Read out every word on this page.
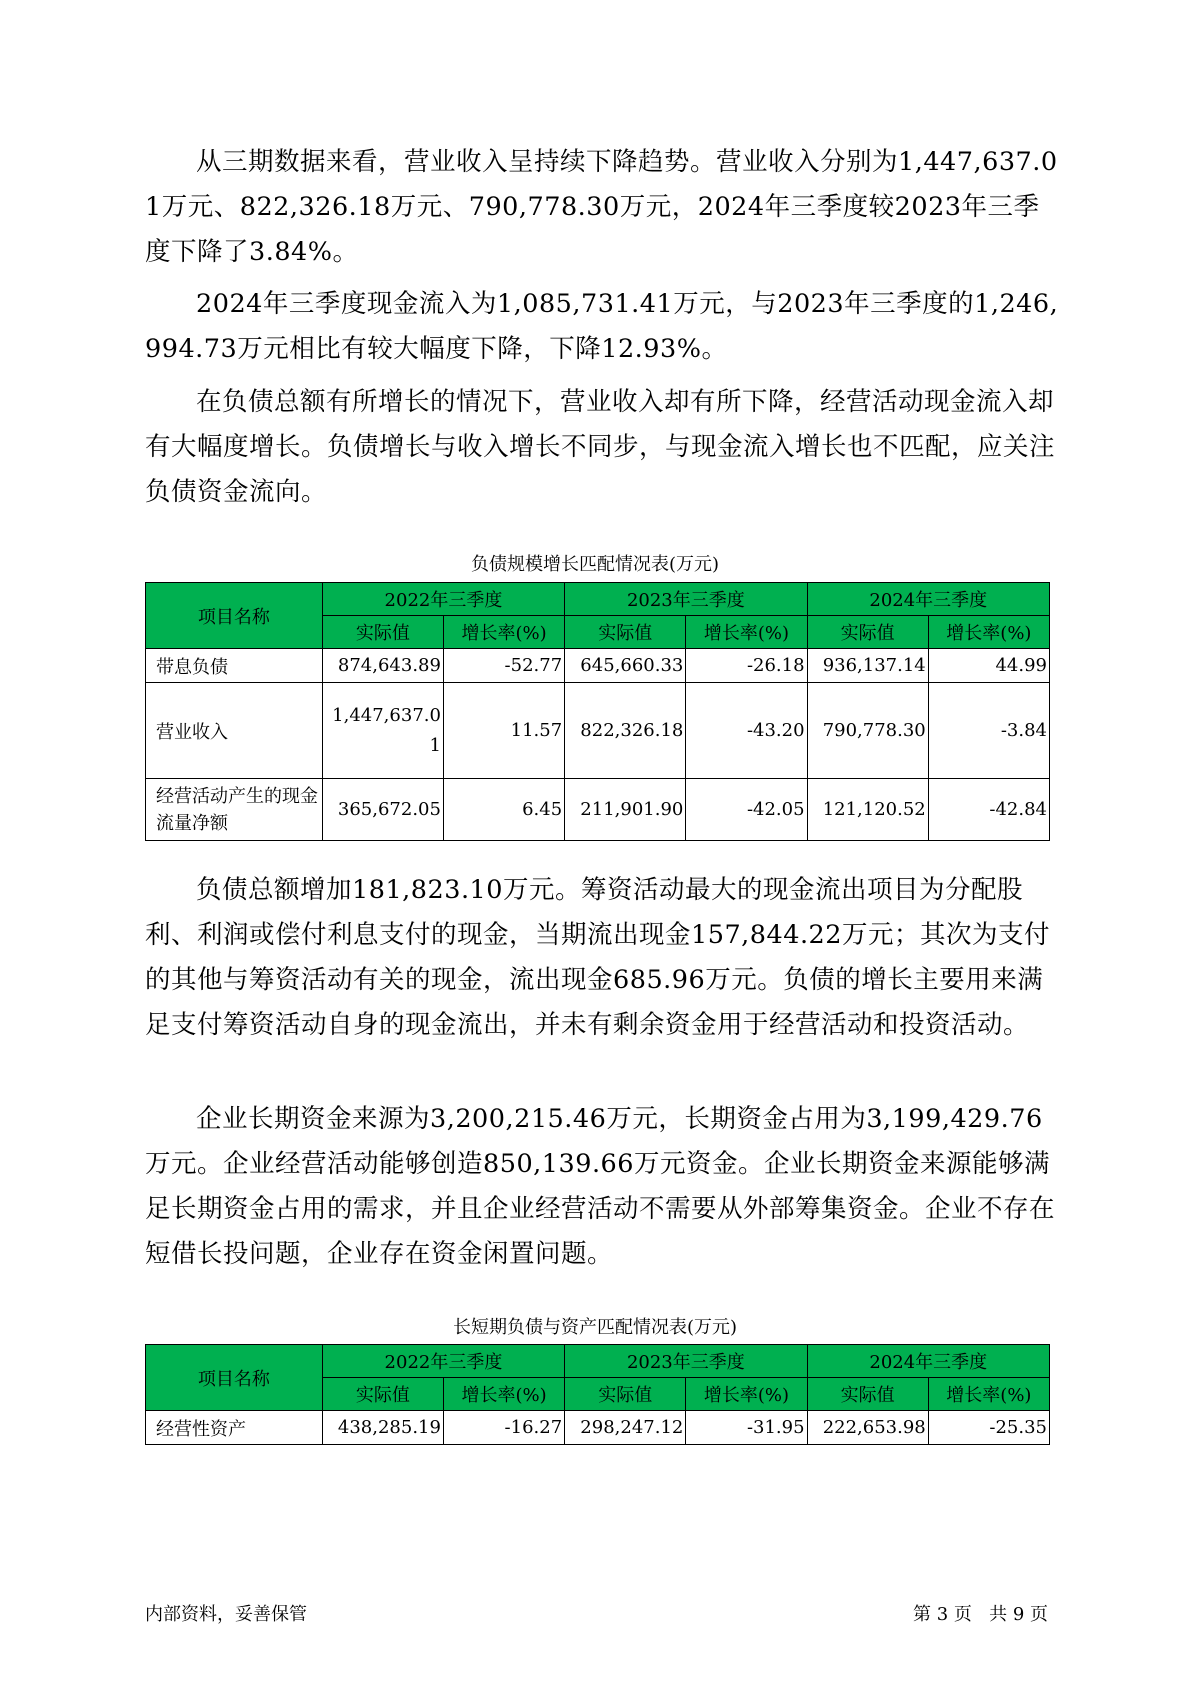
从三期数据来看，营业收入呈持续下降趋势。营业收入分别为1,447,637.01万元、822,326.18万元、790,778.30万元，2024年三季度较2023年三季度下降了3.84%。

2024年三季度现金流入为1,085,731.41万元，与2023年三季度的1,246,994.73万元相比有较大幅度下降，下降12.93%。

在负债总额有所增长的情况下，营业收入却有所下降，经营活动现金流入却有大幅度增长。负债增长与收入增长不同步，与现金流入增长也不匹配，应关注负债资金流向。

负债规模增长匹配情况表(万元)
项目名称	2022年三季度		2023年三季度		2024年三季度	
	实际值	增长率(%)	实际值	增长率(%)	实际值	增长率(%)
带息负债	874,643.89	-52.77	645,660.33	-26.18	936,137.14	44.99
营业收入	1,447,637.01	11.57	822,326.18	-43.20	790,778.30	-3.84
经营活动产生的现金流量净额	365,672.05	6.45	211,901.90	-42.05	121,120.52	-42.84

负债总额增加181,823.10万元。筹资活动最大的现金流出项目为分配股利、利润或偿付利息支付的现金，当期流出现金157,844.22万元；其次为支付的其他与筹资活动有关的现金，流出现金685.96万元。负债的增长主要用来满足支付筹资活动自身的现金流出，并未有剩余资金用于经营活动和投资活动。

企业长期资金来源为3,200,215.46万元，长期资金占用为3,199,429.76万元。企业经营活动能够创造850,139.66万元资金。企业长期资金来源能够满足长期资金占用的需求，并且企业经营活动不需要从外部筹集资金。企业不存在短借长投问题，企业存在资金闲置问题。

长短期负债与资产匹配情况表(万元)
项目名称	2022年三季度		2023年三季度		2024年三季度	
	实际值	增长率(%)	实际值	增长率(%)	实际值	增长率(%)
经营性资产	438,285.19	-16.27	298,247.12	-31.95	222,653.98	-25.35
内部资料，妥善保管	第 3 页   共 9 页
